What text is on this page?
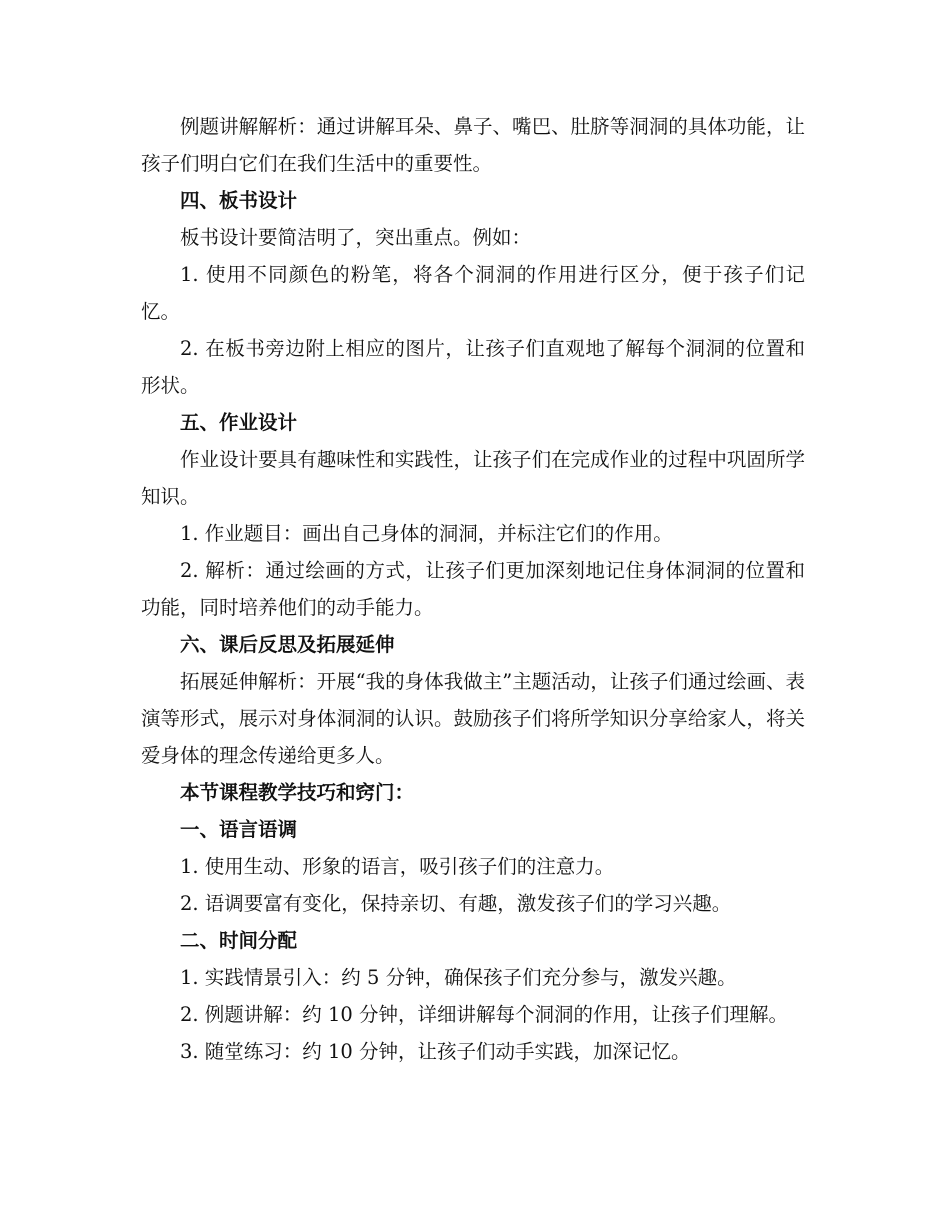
例题讲解解析：通过讲解耳朵、鼻子、嘴巴、肚脐等洞洞的具体功能，让孩子们明白它们在我们生活中的重要性。

四、板书设计

板书设计要简洁明了，突出重点。例如：

1. 使用不同颜色的粉笔，将各个洞洞的作用进行区分，便于孩子们记忆。

2. 在板书旁边附上相应的图片，让孩子们直观地了解每个洞洞的位置和形状。

五、作业设计

作业设计要具有趣味性和实践性，让孩子们在完成作业的过程中巩固所学知识。

1. 作业题目：画出自己身体的洞洞，并标注它们的作用。

2. 解析：通过绘画的方式，让孩子们更加深刻地记住身体洞洞的位置和功能，同时培养他们的动手能力。

六、课后反思及拓展延伸

拓展延伸解析：开展“我的身体我做主”主题活动，让孩子们通过绘画、表演等形式，展示对身体洞洞的认识。鼓励孩子们将所学知识分享给家人，将关爱身体的理念传递给更多人。

本节课程教学技巧和窍门：

一、语言语调

1. 使用生动、形象的语言，吸引孩子们的注意力。

2. 语调要富有变化，保持亲切、有趣，激发孩子们的学习兴趣。

二、时间分配

1. 实践情景引入：约 5 分钟，确保孩子们充分参与，激发兴趣。

2. 例题讲解：约 10 分钟，详细讲解每个洞洞的作用，让孩子们理解。

3. 随堂练习：约 10 分钟，让孩子们动手实践，加深记忆。
